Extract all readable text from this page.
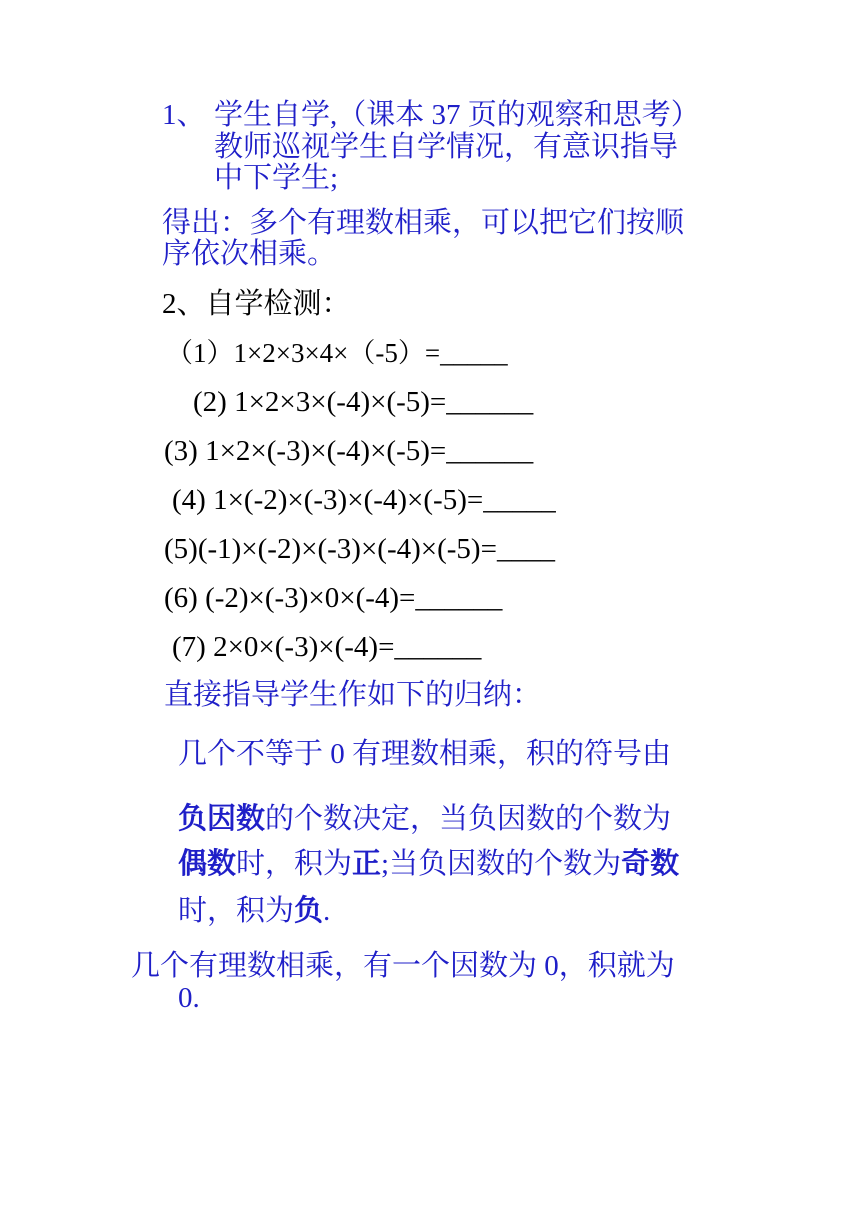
1、 学生自学,（课本 37 页的观察和思考）
教师巡视学生自学情况，有意识指导
中下学生;
得出：多个有理数相乘，可以把它们按顺
序依次相乘。
2、自学检测：
（1）1×2×3×4×（-5）=_____
(2) 1×2×3×(-4)×(-5)=______
(3) 1×2×(-3)×(-4)×(-5)=______
(4) 1×(-2)×(-3)×(-4)×(-5)=_____
(5)(-1)×(-2)×(-3)×(-4)×(-5)=____
(6) (-2)×(-3)×0×(-4)=______
(7) 2×0×(-3)×(-4)=______
直接指导学生作如下的归纳：
几个不等于 0 有理数相乘，积的符号由
负因数的个数决定，当负因数的个数为
偶数时，积为正;当负因数的个数为奇数
时，积为负.
几个有理数相乘，有一个因数为 0，积就为
0.
